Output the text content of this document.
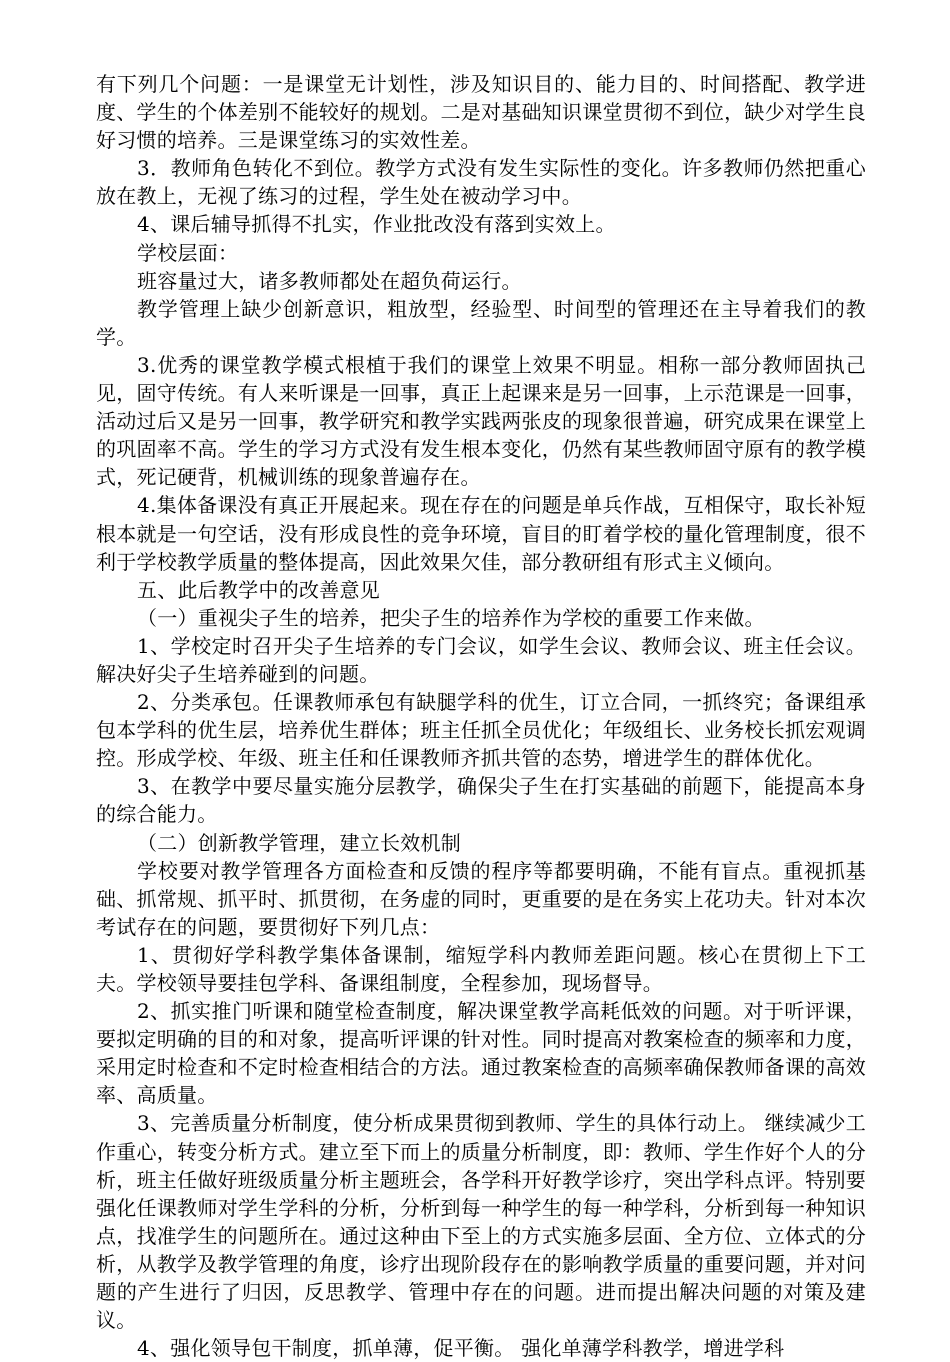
有下列几个问题：一是课堂无计划性，涉及知识目的、能力目的、时间搭配、教学进度、学生的个体差别不能较好的规划。二是对基础知识课堂贯彻不到位，缺少对学生良好习惯的培养。三是课堂练习的实效性差。

3．教师角色转化不到位。教学方式没有发生实际性的变化。许多教师仍然把重心放在教上，无视了练习的过程，学生处在被动学习中。

4、课后辅导抓得不扎实，作业批改没有落到实效上。

学校层面：

班容量过大，诸多教师都处在超负荷运行。

教学管理上缺少创新意识，粗放型，经验型、时间型的管理还在主导着我们的教学。

3.优秀的课堂教学模式根植于我们的课堂上效果不明显。相称一部分教师固执己见，固守传统。有人来听课是一回事，真正上起课来是另一回事，上示范课是一回事，活动过后又是另一回事，教学研究和教学实践两张皮的现象很普遍，研究成果在课堂上的巩固率不高。学生的学习方式没有发生根本变化，仍然有某些教师固守原有的教学模式，死记硬背，机械训练的现象普遍存在。

4.集体备课没有真正开展起来。现在存在的问题是单兵作战，互相保守，取长补短根本就是一句空话，没有形成良性的竞争环境，盲目的盯着学校的量化管理制度，很不利于学校教学质量的整体提高，因此效果欠佳，部分教研组有形式主义倾向。

五、此后教学中的改善意见

（一）重视尖子生的培养，把尖子生的培养作为学校的重要工作来做。

1、学校定时召开尖子生培养的专门会议，如学生会议、教师会议、班主任会议。解决好尖子生培养碰到的问题。

2、分类承包。任课教师承包有缺腿学科的优生，订立合同，一抓终究；备课组承包本学科的优生层，培养优生群体；班主任抓全员优化；年级组长、业务校长抓宏观调控。形成学校、年级、班主任和任课教师齐抓共管的态势，增进学生的群体优化。

3、在教学中要尽量实施分层教学，确保尖子生在打实基础的前题下，能提高本身的综合能力。

（二）创新教学管理，建立长效机制

学校要对教学管理各方面检查和反馈的程序等都要明确，不能有盲点。重视抓基础、抓常规、抓平时、抓贯彻，在务虚的同时，更重要的是在务实上花功夫。针对本次考试存在的问题，要贯彻好下列几点：

1、贯彻好学科教学集体备课制，缩短学科内教师差距问题。核心在贯彻上下工夫。学校领导要挂包学科、备课组制度，全程参加，现场督导。

2、抓实推门听课和随堂检查制度，解决课堂教学高耗低效的问题。对于听评课，要拟定明确的目的和对象，提高听评课的针对性。同时提高对教案检查的频率和力度，采用定时检查和不定时检查相结合的方法。通过教案检查的高频率确保教师备课的高效率、高质量。

3、完善质量分析制度，使分析成果贯彻到教师、学生的具体行动上。 继续减少工作重心，转变分析方式。建立至下而上的质量分析制度，即：教师、学生作好个人的分析，班主任做好班级质量分析主题班会，各学科开好教学诊疗，突出学科点评。特别要强化任课教师对学生学科的分析，分析到每一种学生的每一种学科，分析到每一种知识点，找准学生的问题所在。通过这种由下至上的方式实施多层面、全方位、立体式的分析，从教学及教学管理的角度，诊疗出现阶段存在的影响教学质量的重要问题，并对问题的产生进行了归因，反思教学、管理中存在的问题。进而提出解决问题的对策及建议。

4、强化领导包干制度，抓单薄，促平衡。 强化单薄学科教学，增进学科
